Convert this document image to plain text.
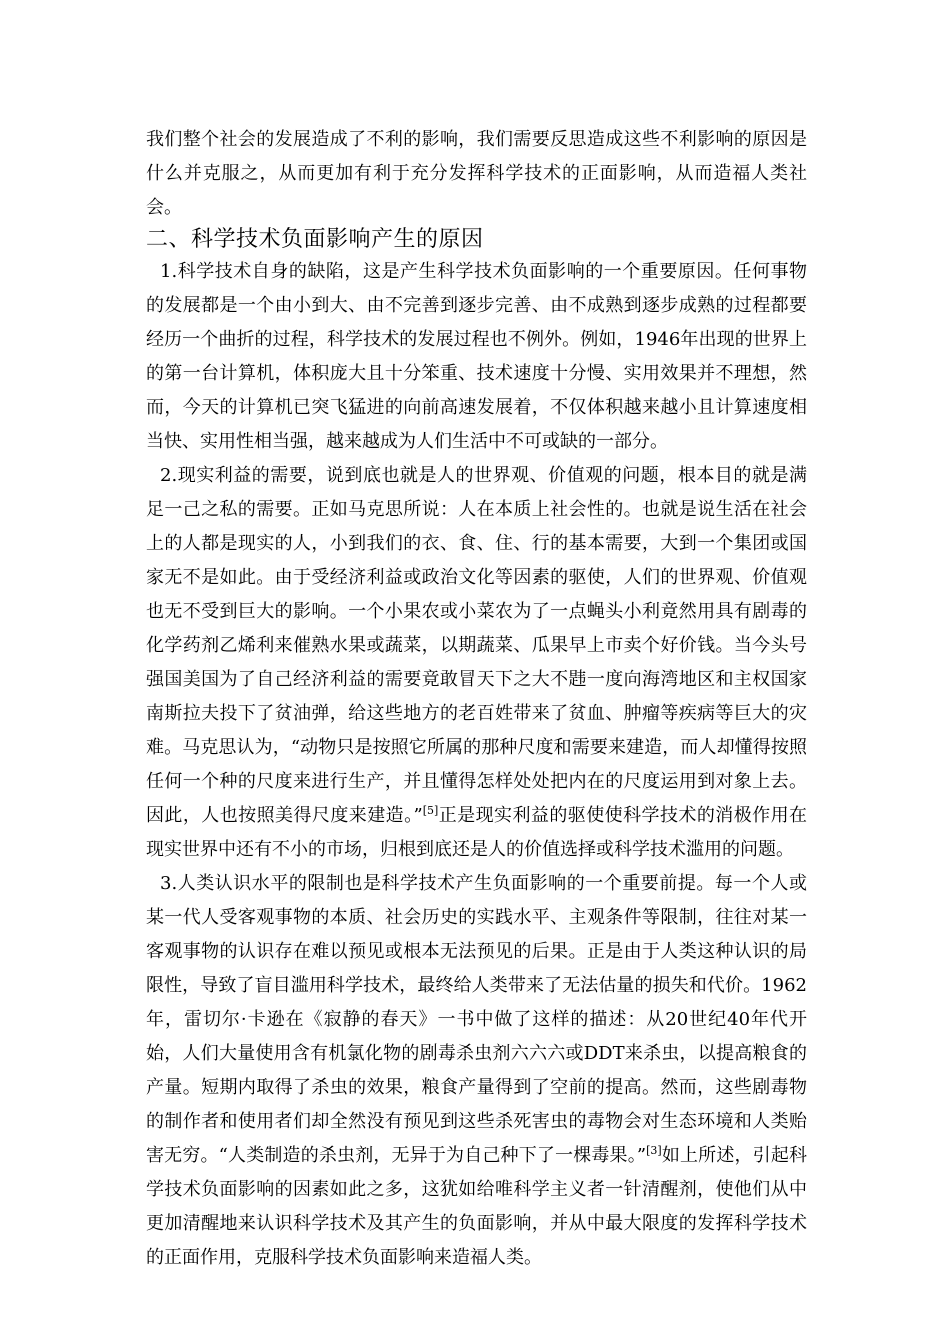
我们整个社会的发展造成了不利的影响，我们需要反思造成这些不利影响的原因是什么并克服之，从而更加有利于充分发挥科学技术的正面影响，从而造福人类社会。

二、科学技术负面影响产生的原因

1.科学技术自身的缺陷，这是产生科学技术负面影响的一个重要原因。任何事物的发展都是一个由小到大、由不完善到逐步完善、由不成熟到逐步成熟的过程都要经历一个曲折的过程，科学技术的发展过程也不例外。例如，1946年出现的世界上的第一台计算机，体积庞大且十分笨重、技术速度十分慢、实用效果并不理想，然而，今天的计算机已突飞猛进的向前高速发展着，不仅体积越来越小且计算速度相当快、实用性相当强，越来越成为人们生活中不可或缺的一部分。

2.现实利益的需要，说到底也就是人的世界观、价值观的问题，根本目的就是满足一己之私的需要。正如马克思所说：人在本质上社会性的。也就是说生活在社会上的人都是现实的人，小到我们的衣、食、住、行的基本需要，大到一个集团或国家无不是如此。由于受经济利益或政治文化等因素的驱使，人们的世界观、价值观也无不受到巨大的影响。一个小果农或小菜农为了一点蝇头小利竟然用具有剧毒的化学药剂乙烯利来催熟水果或蔬菜，以期蔬菜、瓜果早上市卖个好价钱。当今头号强国美国为了自己经济利益的需要竟敢冒天下之大不韪一度向海湾地区和主权国家南斯拉夫投下了贫油弹，给这些地方的老百姓带来了贫血、肿瘤等疾病等巨大的灾难。马克思认为，“动物只是按照它所属的那种尺度和需要来建造，而人却懂得按照任何一个种的尺度来进行生产，并且懂得怎样处处把内在的尺度运用到对象上去。因此，人也按照美得尺度来建造。”[5]正是现实利益的驱使使科学技术的消极作用在现实世界中还有不小的市场，归根到底还是人的价值选择或科学技术滥用的问题。

3.人类认识水平的限制也是科学技术产生负面影响的一个重要前提。每一个人或某一代人受客观事物的本质、社会历史的实践水平、主观条件等限制，往往对某一客观事物的认识存在难以预见或根本无法预见的后果。正是由于人类这种认识的局限性，导致了盲目滥用科学技术，最终给人类带来了无法估量的损失和代价。1962年，雷切尔·卡逊在《寂静的春天》一书中做了这样的描述：从20世纪40年代开始，人们大量使用含有机氯化物的剧毒杀虫剂六六六或DDT来杀虫，以提高粮食的产量。短期内取得了杀虫的效果，粮食产量得到了空前的提高。然而，这些剧毒物的制作者和使用者们却全然没有预见到这些杀死害虫的毒物会对生态环境和人类贻害无穷。“人类制造的杀虫剂，无异于为自己种下了一棵毒果。”[3]如上所述，引起科学技术负面影响的因素如此之多，这犹如给唯科学主义者一针清醒剂，使他们从中更加清醒地来认识科学技术及其产生的负面影响，并从中最大限度的发挥科学技术的正面作用，克服科学技术负面影响来造福人类。
